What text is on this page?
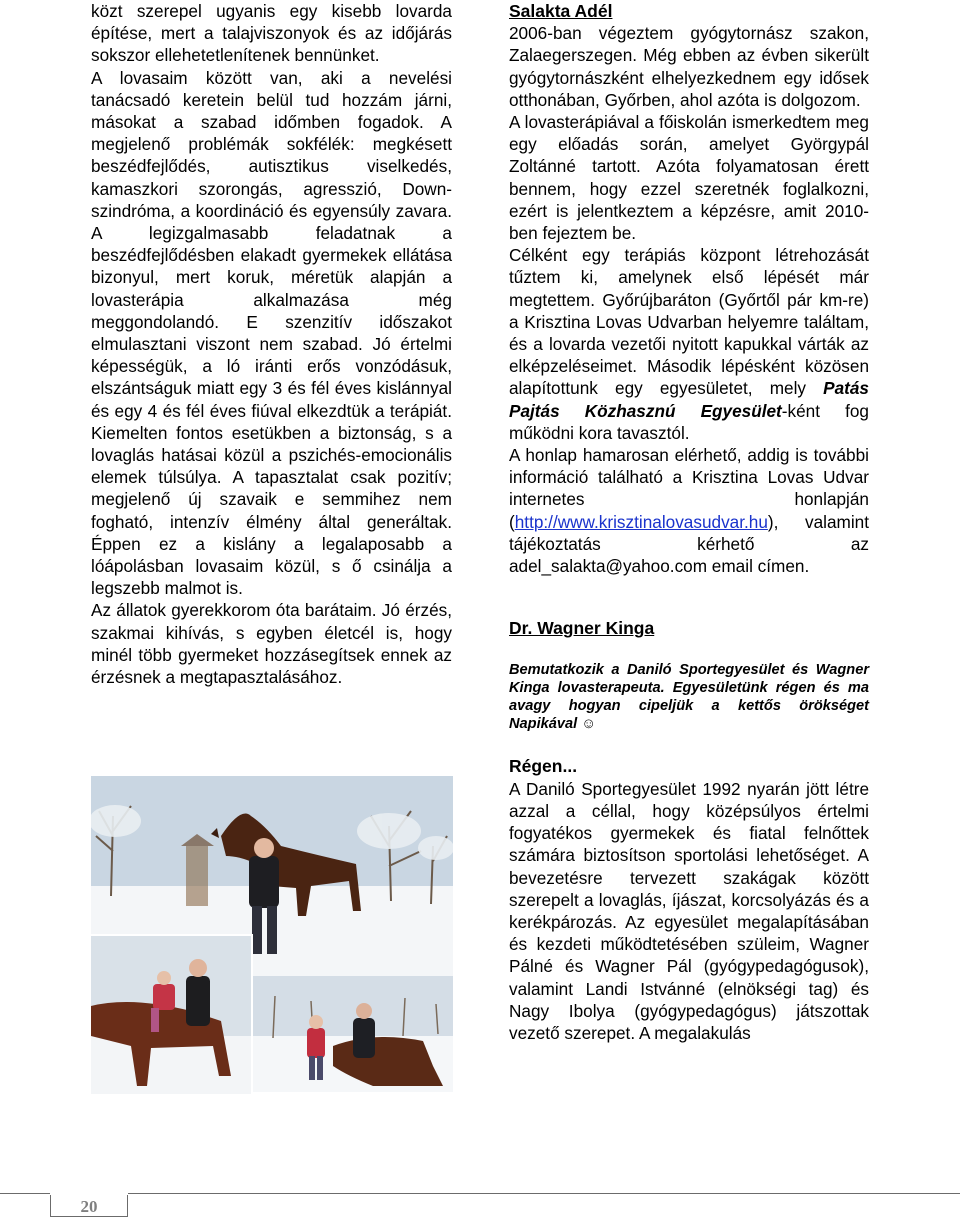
közt szerepel ugyanis egy kisebb lovarda építése, mert a talajviszonyok és az időjárás sokszor ellehetetlenítenek bennünket.

A lovasaim között van, aki a nevelési tanácsadó keretein belül tud hozzám járni, másokat a szabad időmben fogadok. A megjelenő problémák sokfélék: megkésett beszédfejlődés, autisztikus viselkedés, kamaszkori szorongás, agresszió, Down-szindróma, a koordináció és egyensúly zavara. A legizgalmasabb feladatnak a beszédfejlődésben elakadt gyermekek ellátása bizonyul, mert koruk, méretük alapján a lovasterápia alkalmazása még meggondolandó. E szenzitív időszakot elmulasztani viszont nem szabad. Jó értelmi képességük, a ló iránti erős vonzódásuk, elszántságuk miatt egy 3 és fél éves kislánnyal és egy 4 és fél éves fiúval elkezdtük a terápiát. Kiemelten fontos esetükben a biztonság, s a lovaglás hatásai közül a pszichés-emocionális elemek túlsúlya. A tapasztalat csak pozitív; megjelenő új szavaik e semmihez nem fogható, intenzív élmény által generáltak. Éppen ez a kislány a legalaposabb a lóápolásban lovasaim közül, s ő csinálja a legszebb malmot is.

Az állatok gyerekkorom óta barátaim. Jó érzés, szakmai kihívás, s egyben életcél is, hogy minél több gyermeket hozzásegítsek ennek az érzésnek a megtapasztalásához.

Salakta Adél

2006-ban végeztem gyógytornász szakon, Zalaegerszegen. Még ebben az évben sikerült gyógytornászként elhelyezkednem egy idősek otthonában, Győrben, ahol azóta is dolgozom.

A lovasterápiával a főiskolán ismerkedtem meg egy előadás során, amelyet Györgypál Zoltánné tartott. Azóta folyamatosan érett bennem, hogy ezzel szeretnék foglalkozni, ezért is jelentkeztem a képzésre, amit 2010-ben fejeztem be.

Célként egy terápiás központ létrehozását tűztem ki, amelynek első lépését már megtettem. Győrújbaráton (Győrtől pár km-re) a Krisztina Lovas Udvarban helyemre találtam, és a lovarda vezetői nyitott kapukkal várták az elképzeléseimet. Második lépésként közösen alapítottunk egy egyesületet, mely Patás Pajtás Közhasznú Egyesület-ként fog működni kora tavasztól.

A honlap hamarosan elérhető, addig is további információ található a Krisztina Lovas Udvar internetes honlapján (http://www.krisztinalovasudvar.hu), valamint tájékoztatás kérhető az adel_salakta@yahoo.com email címen.

Dr. Wagner Kinga

Bemutatkozik a Daniló Sportegyesület és Wagner Kinga lovasterapeuta. Egyesületünk régen és ma avagy hogyan cipeljük a kettős örökséget Napikával ☺

Régen...

A Daniló Sportegyesület 1992 nyarán jött létre azzal a céllal, hogy középsúlyos értelmi fogyatékos gyermekek és fiatal felnőttek számára biztosítson sportolási lehetőséget. A bevezetésre tervezett szakágak között szerepelt a lovaglás, íjászat, korcsolyázás és a kerékpározás. Az egyesület megalapításában és kezdeti működtetésében szüleim, Wagner Pálné és Wagner Pál (gyógypedagógusok), valamint Landi Istvánné (elnökségi tag) és Nagy Ibolya (gyógypedagógus) játszottak vezető szerepet. A megalakulás

20
